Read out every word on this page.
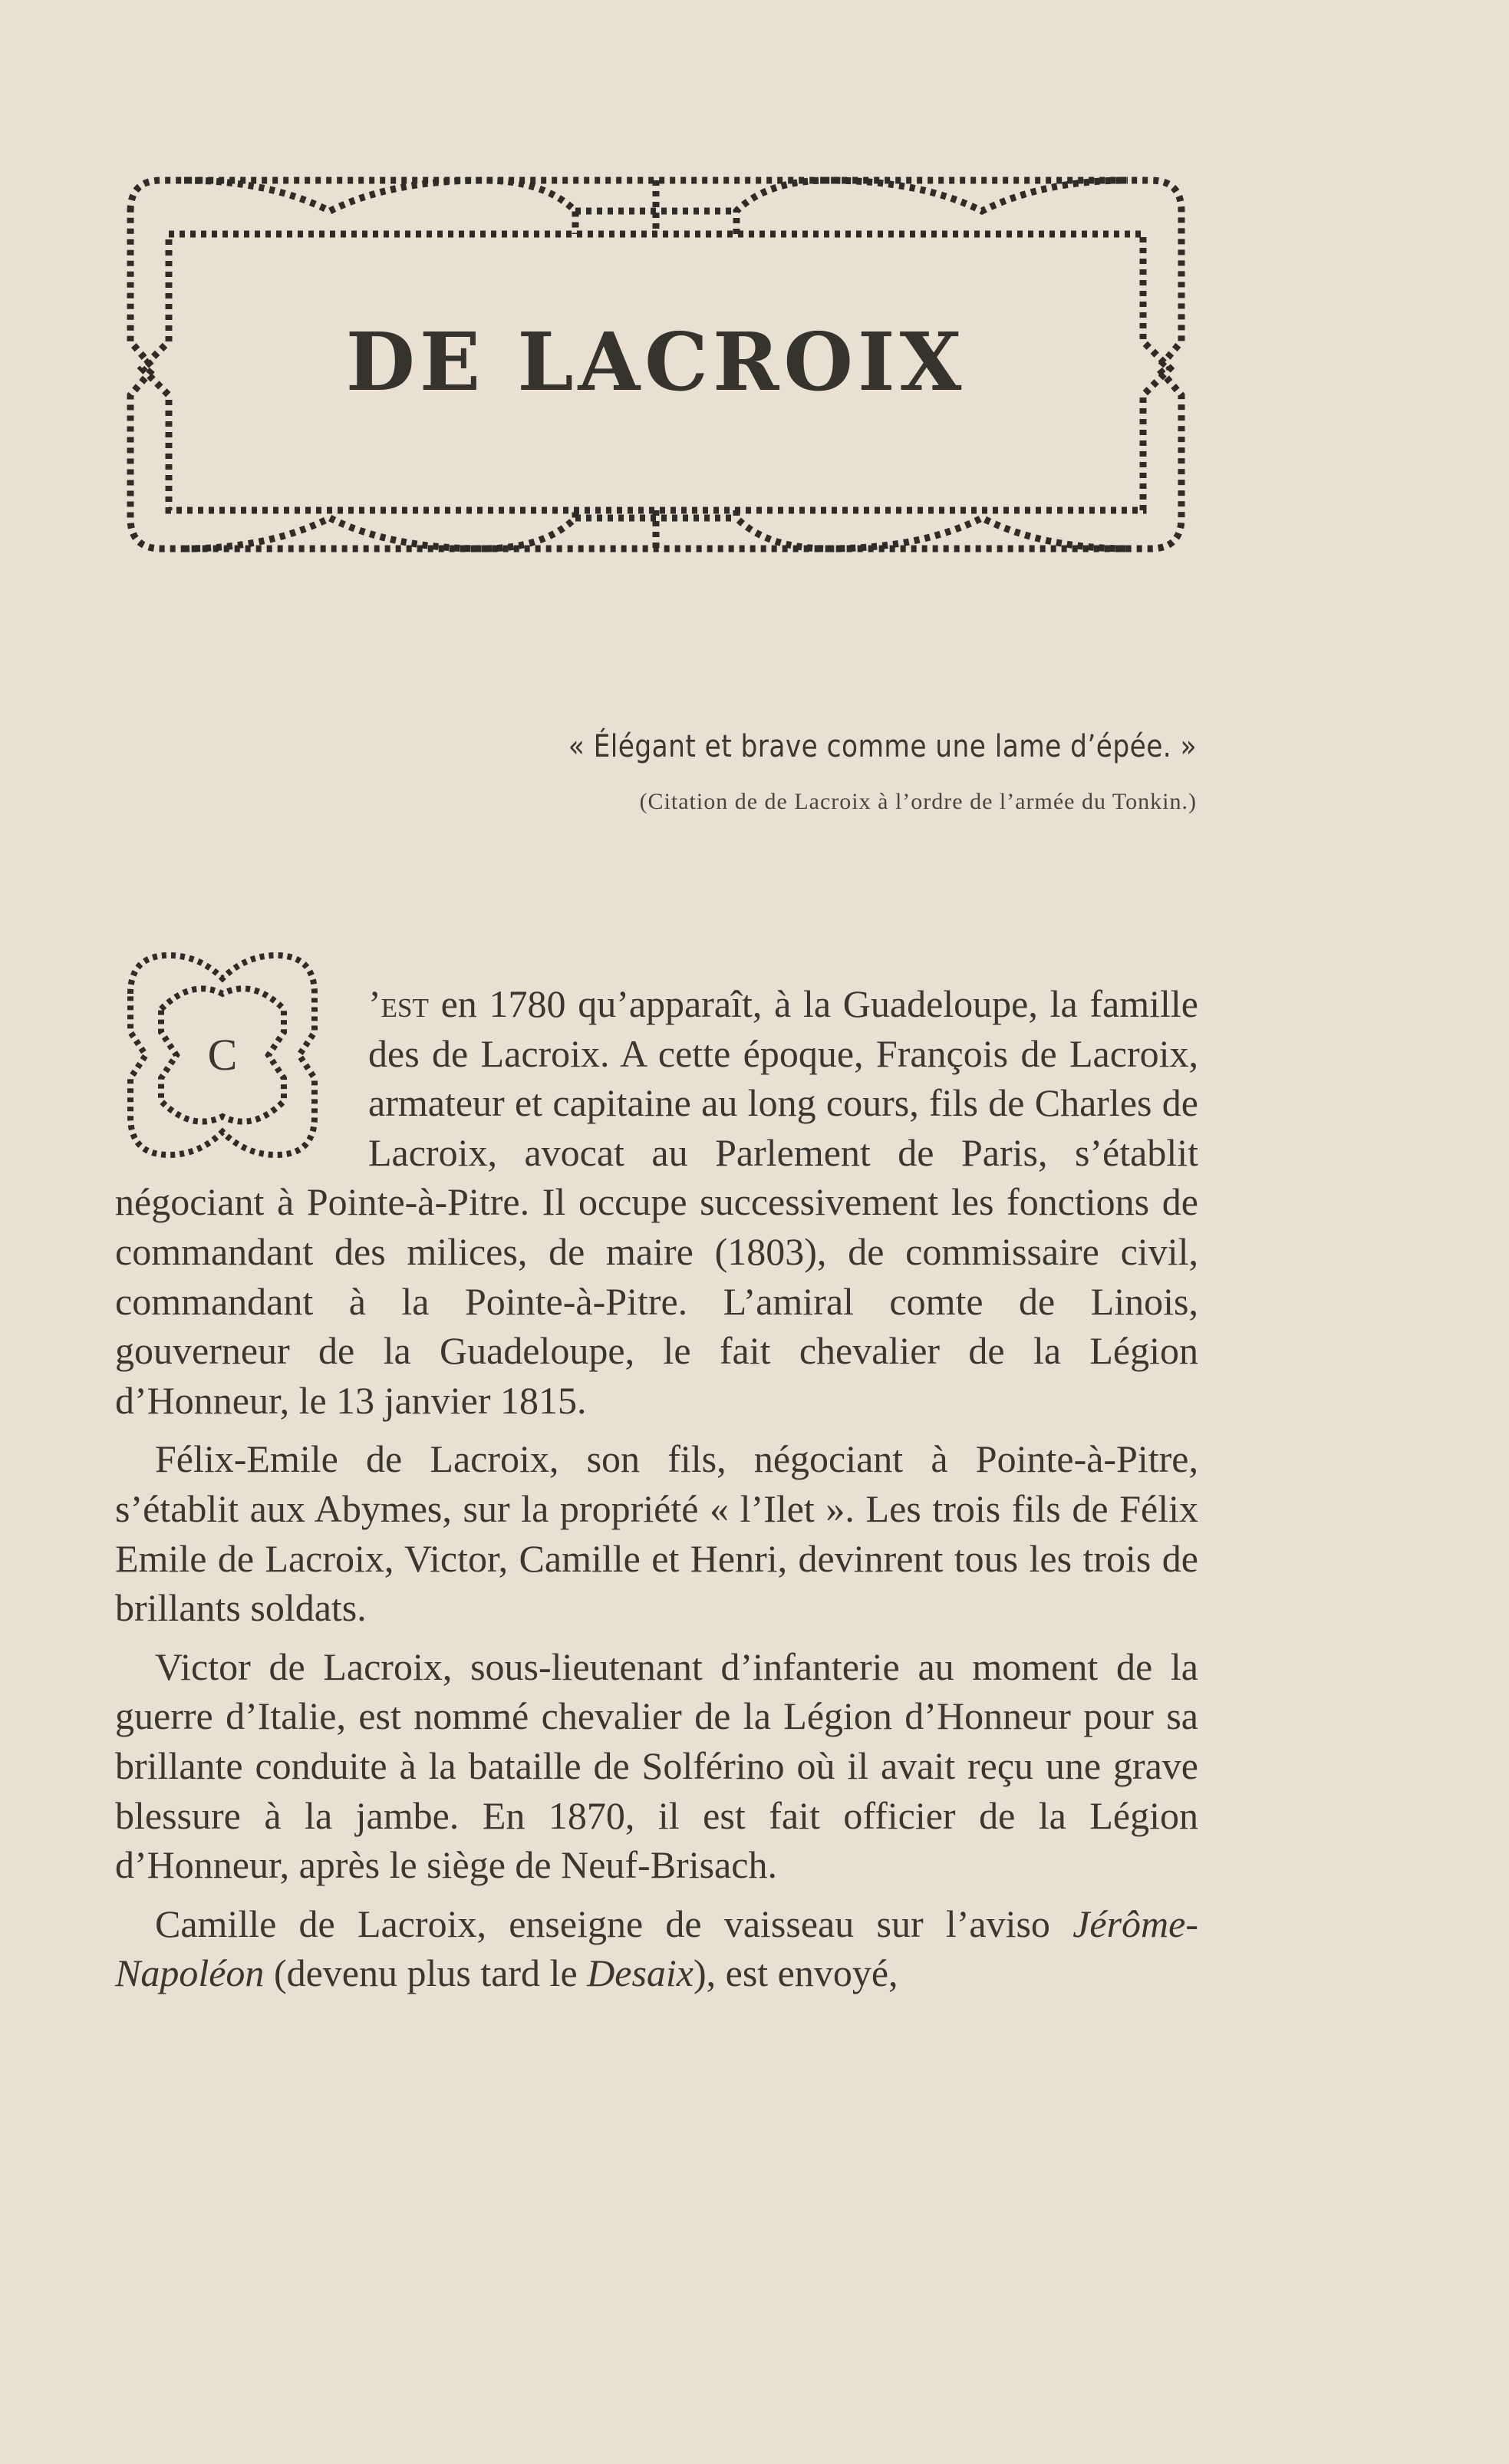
DE LACROIX

« Élégant et brave comme une lame d’épée. »

(Citation de de Lacroix à l’ordre de l’armée du Tonkin.)

C

’est en 1780 qu’apparaît, à la Guadeloupe, la famille des de Lacroix. A cette époque, François de Lacroix, armateur et capitaine au long cours, fils de Charles de Lacroix, avocat au Parlement de Paris, s’établit négociant à Pointe-à-Pitre. Il occupe successivement les fonctions de commandant des milices, de maire (1803), de commissaire civil, commandant à la Pointe-à-Pitre. L’amiral comte de Linois, gouverneur de la Guadeloupe, le fait chevalier de la Légion d’Honneur, le 13 janvier 1815.

Félix-Emile de Lacroix, son fils, négociant à Pointe-à-Pitre, s’établit aux Abymes, sur la propriété « l’Ilet ». Les trois fils de Félix Emile de Lacroix, Victor, Camille et Henri, devinrent tous les trois de brillants soldats.

Victor de Lacroix, sous-lieutenant d’infanterie au moment de la guerre d’Italie, est nommé chevalier de la Légion d’Honneur pour sa brillante conduite à la bataille de Solférino où il avait reçu une grave blessure à la jambe. En 1870, il est fait officier de la Légion d’Honneur, après le siège de Neuf-Brisach.

Camille de Lacroix, enseigne de vaisseau sur l’aviso Jérôme-Napoléon (devenu plus tard le Desaix), est envoyé,
